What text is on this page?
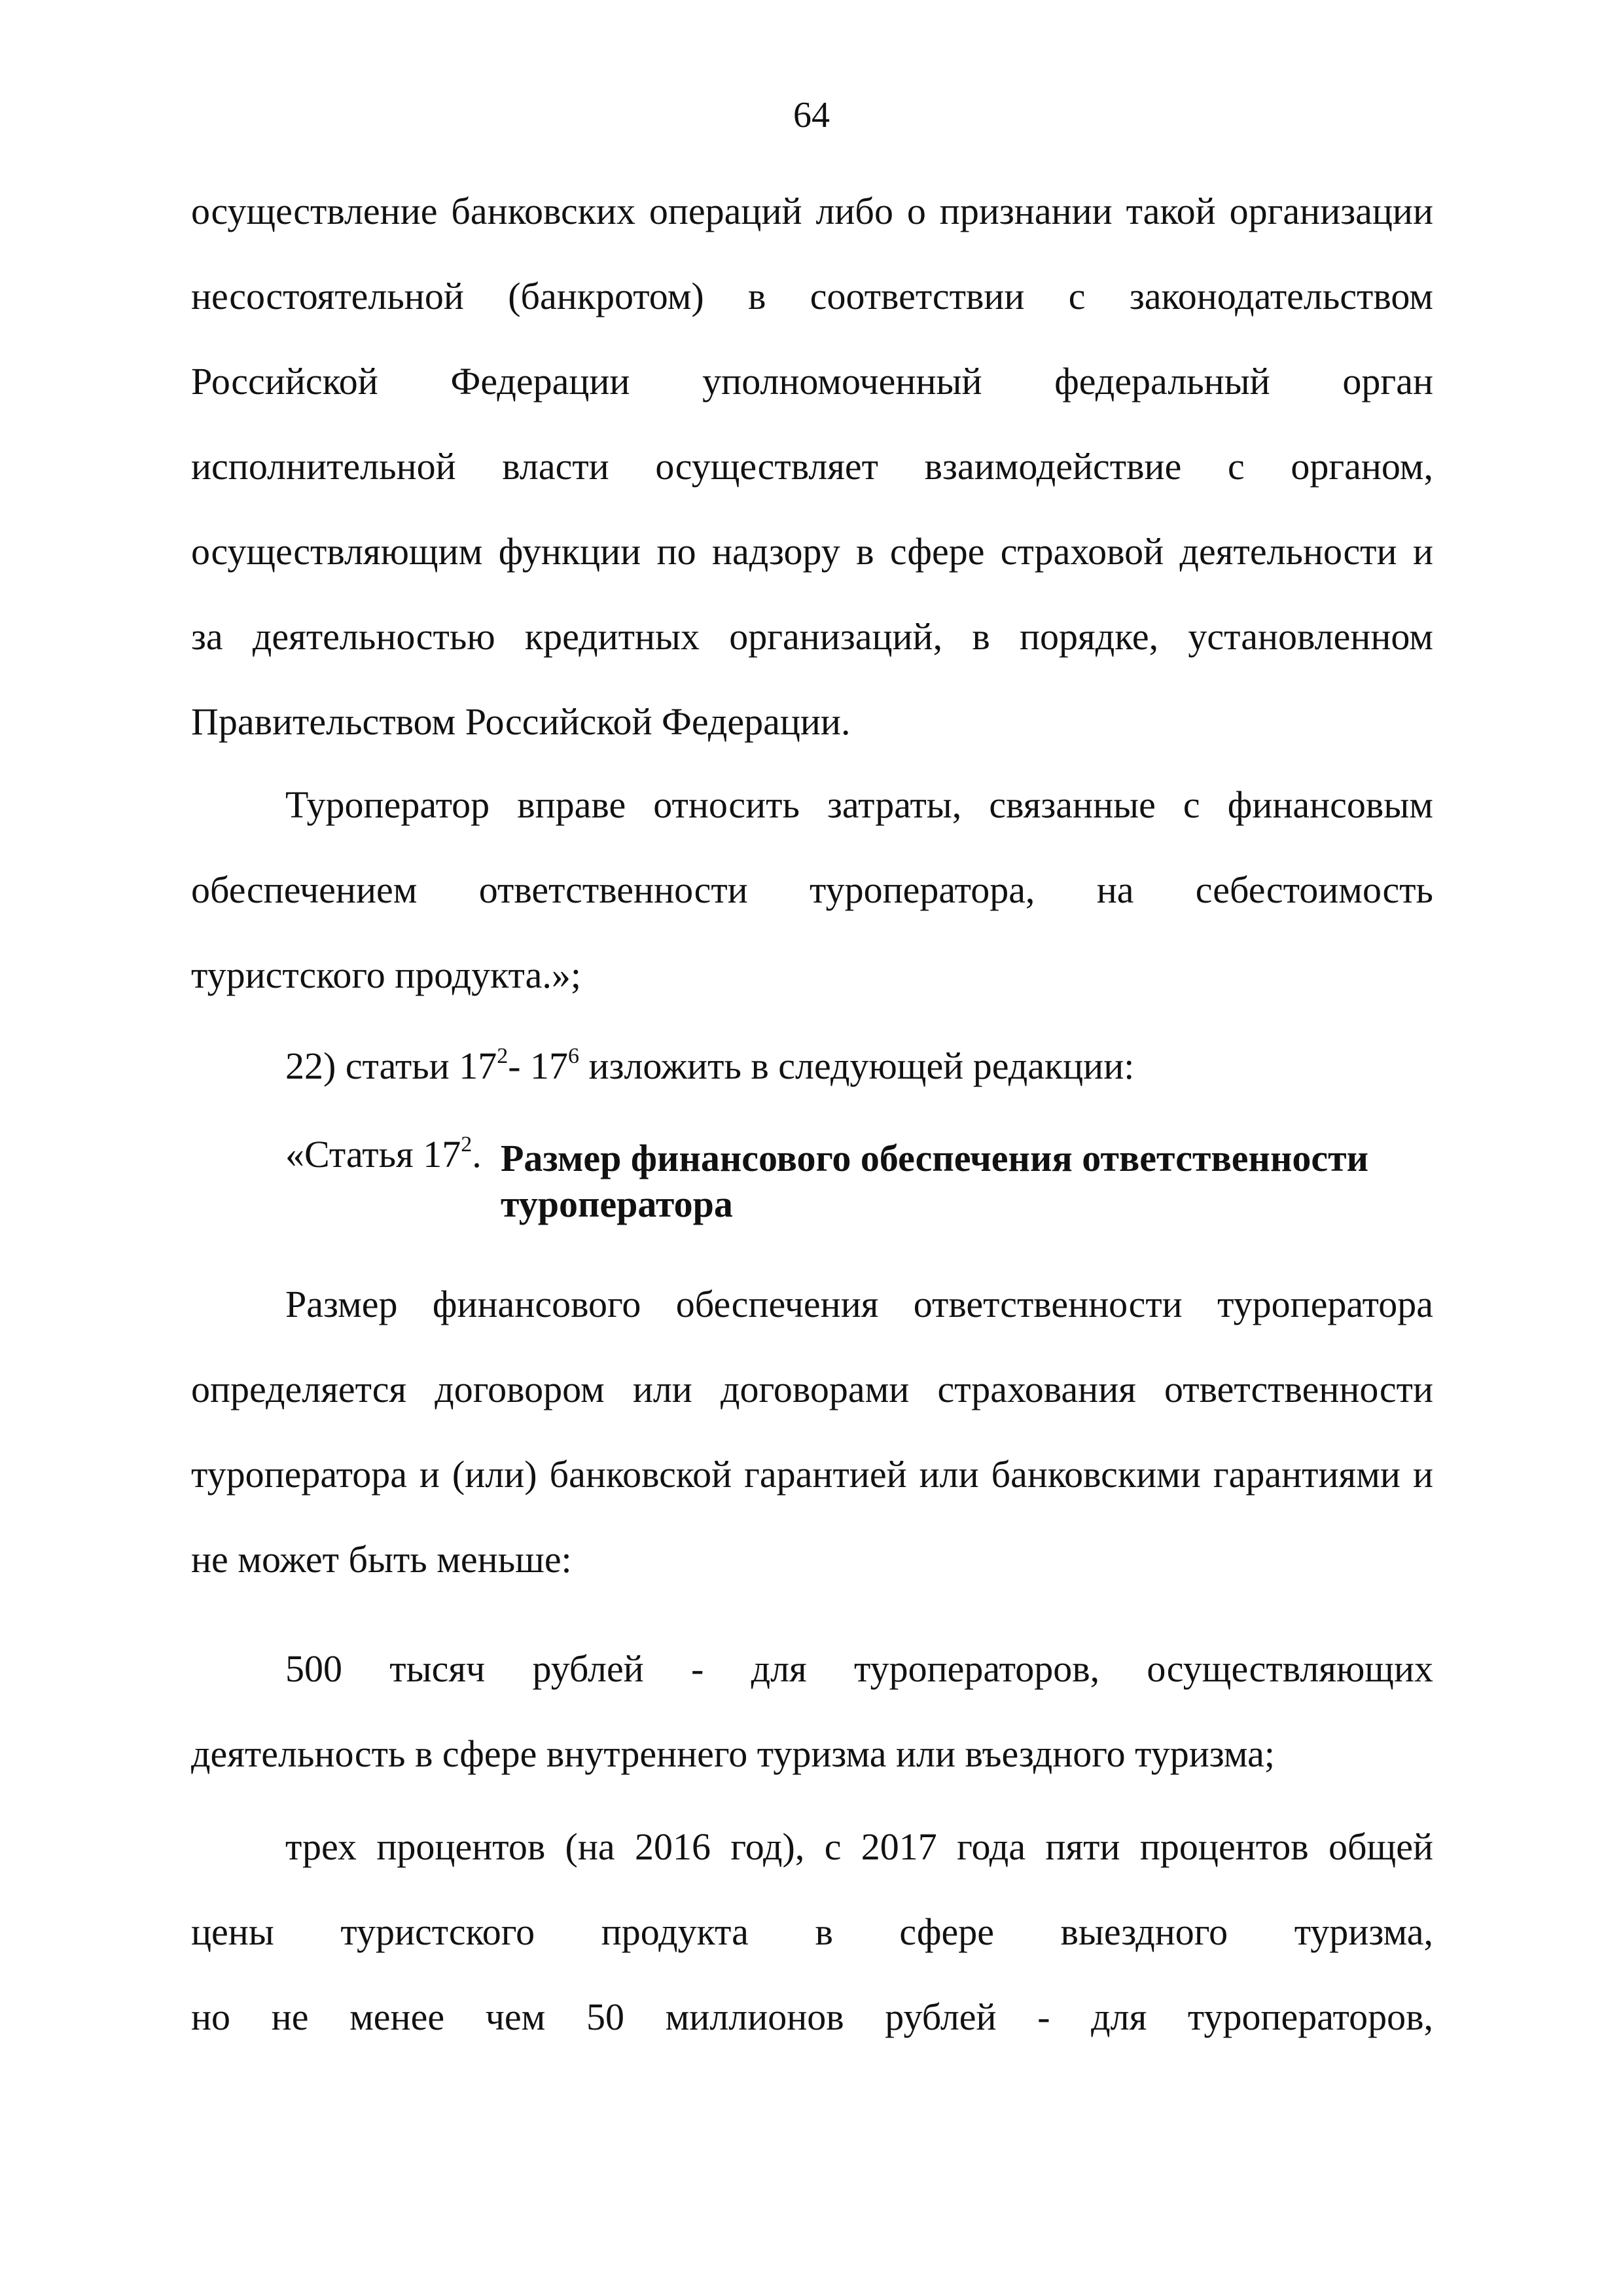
64
осуществление банковских операций либо о признании такой организации
несостоятельной (банкротом) в соответствии с законодательством
Российской Федерации уполномоченный федеральный орган
исполнительной власти осуществляет взаимодействие с органом,
осуществляющим функции по надзору в сфере страховой деятельности и
за деятельностью кредитных организаций, в порядке, установленном
Правительством Российской Федерации.
Туроператор вправе относить затраты, связанные с финансовым
обеспечением ответственности туроператора, на себестоимость
туристского продукта.»;
22) статьи $17^2-$ $17^6$ изложить в следующей редакции:
«Статья $17^2$. Размер финансового обеспечения ответственности
туроператора
Размер финансового обеспечения ответственности туроператора
определяется договором или договорами страхования ответственности
туроператора и (или) банковской гарантией или банковскими гарантиями и
не может быть меньше:
500 тысяч рублей - для туроператоров, осуществляющих
деятельность в сфере внутреннего туризма или въездного туризма;
трех процентов (на 2016 год), с 2017 года пяти процентов общей
цены туристского продукта в сфере выездного туризма,
но не менее чем 50 миллионов рублей - для туроператоров,
